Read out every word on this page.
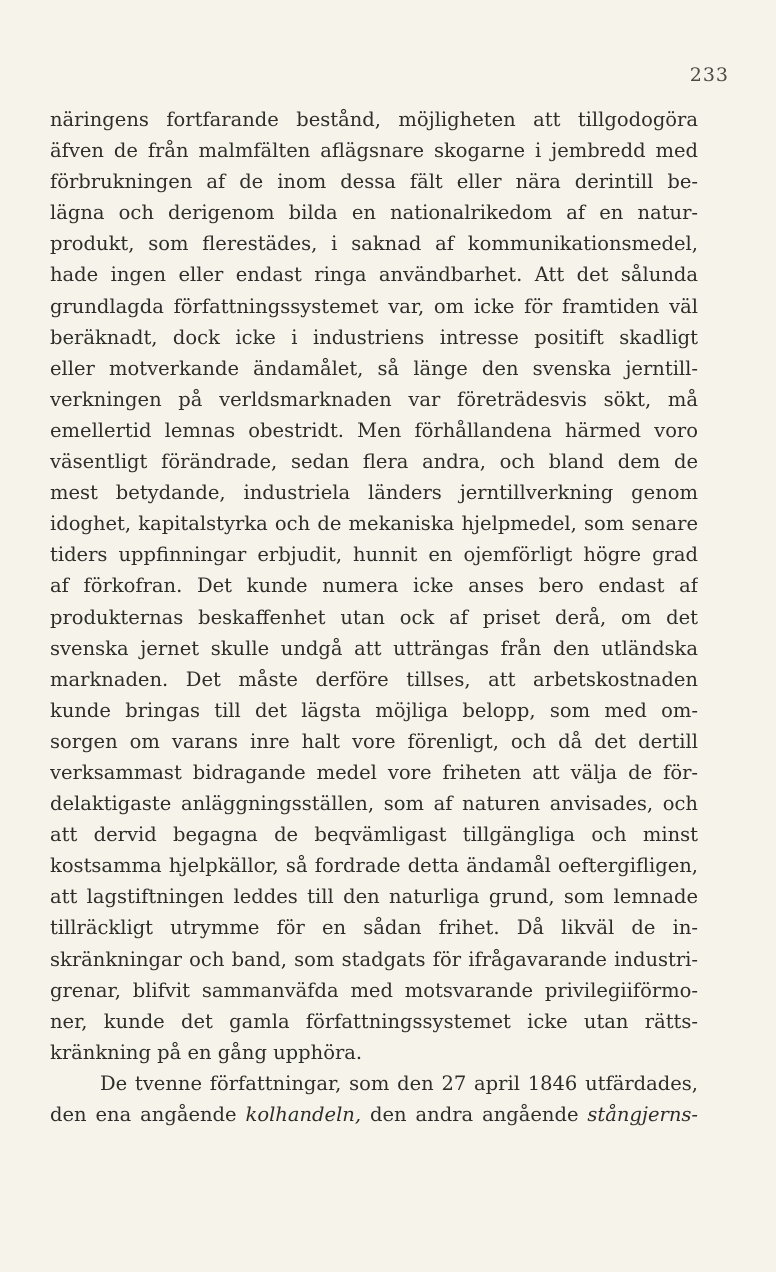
233
näringens fortfarande bestånd, möjligheten att tillgodogöra
äfven de från malmfälten aflägsnare skogarne i jembredd med
förbrukningen af de inom dessa fält eller nära derintill be-
lägna och derigenom bilda en nationalrikedom af en natur-
produkt, som flerestädes, i saknad af kommunikationsmedel,
hade ingen eller endast ringa användbarhet. Att det sålunda
grundlagda författningssystemet var, om icke för framtiden väl
beräknadt, dock icke i industriens intresse positift skadligt
eller motverkande ändamålet, så länge den svenska jerntill-
verkningen på verldsmarknaden var företrädesvis sökt, må
emellertid lemnas obestridt. Men förhållandena härmed voro
väsentligt förändrade, sedan flera andra, och bland dem de
mest betydande, industriela länders jerntillverkning genom
idoghet, kapitalstyrka och de mekaniska hjelpmedel, som senare
tiders uppfinningar erbjudit, hunnit en ojemförligt högre grad
af förkofran. Det kunde numera icke anses bero endast af
produkternas beskaffenhet utan ock af priset derå, om det
svenska jernet skulle undgå att utträngas från den utländska
marknaden. Det måste derföre tillses, att arbetskostnaden
kunde bringas till det lägsta möjliga belopp, som med om-
sorgen om varans inre halt vore förenligt, och då det dertill
verksammast bidragande medel vore friheten att välja de för-
delaktigaste anläggningsställen, som af naturen anvisades, och
att dervid begagna de beqvämligast tillgängliga och minst
kostsamma hjelpkällor, så fordrade detta ändamål oeftergifligen,
att lagstiftningen leddes till den naturliga grund, som lemnade
tillräckligt utrymme för en sådan frihet. Då likväl de in-
skränkningar och band, som stadgats för ifrågavarande industri-
grenar, blifvit sammanväfda med motsvarande privilegiiförmo-
ner, kunde det gamla författningssystemet icke utan rätts-
kränkning på en gång upphöra.
De tvenne författningar, som den 27 april 1846 utfärdades,
den ena angående kolhandeln, den andra angående stångjerns-
